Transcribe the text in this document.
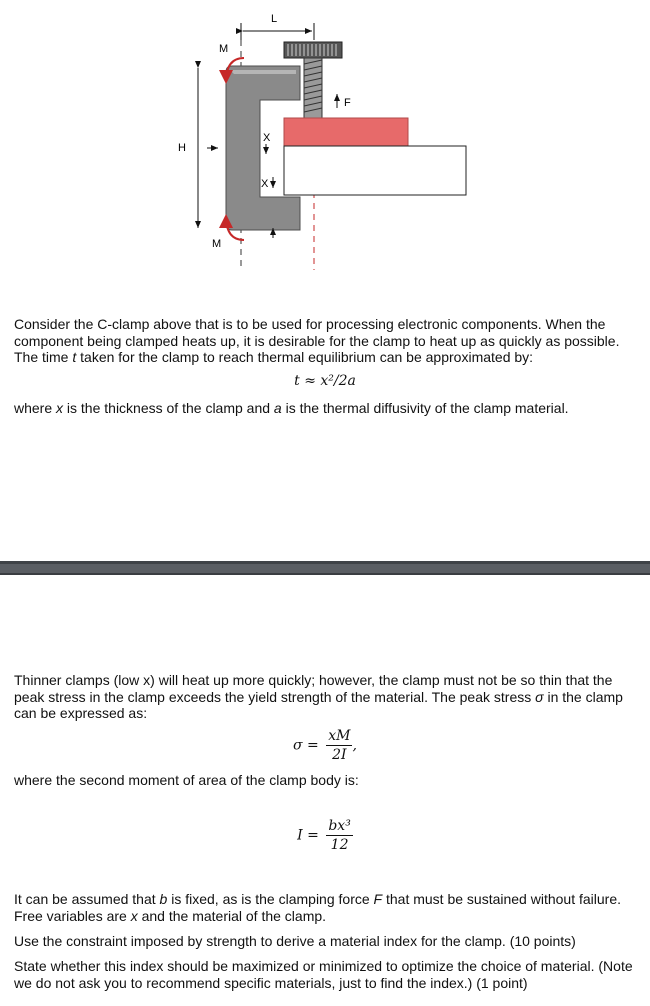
L
H
F
X
X
M
M

Consider the C-clamp above that is to be used for processing electronic components. When the component being clamped heats up, it is desirable for the clamp to heat up as quickly as possible. The time t taken for the clamp to reach thermal equilibrium can be approximated by:

t ≈ x²/2a

where x is the thickness of the clamp and a is the thermal diffusivity of the clamp material.

Thinner clamps (low x) will heat up more quickly; however, the clamp must not be so thin that the peak stress in the clamp exceeds the yield strength of the material. The peak stress σ in the clamp can be expressed as:

$\sigma = \frac{xM}{2I}$ ,

where the second moment of area of the clamp body is:

$I = \frac{\text{bx³}}{12}$

It can be assumed that b is fixed, as is the clamping force F that must be sustained without failure. Free variables are x and the material of the clamp.

Use the constraint imposed by strength to derive a material index for the clamp. (10 points)

State whether this index should be maximized or minimized to optimize the choice of material. (Note we do not ask you to recommend specific materials, just to find the index.) (1 point)
